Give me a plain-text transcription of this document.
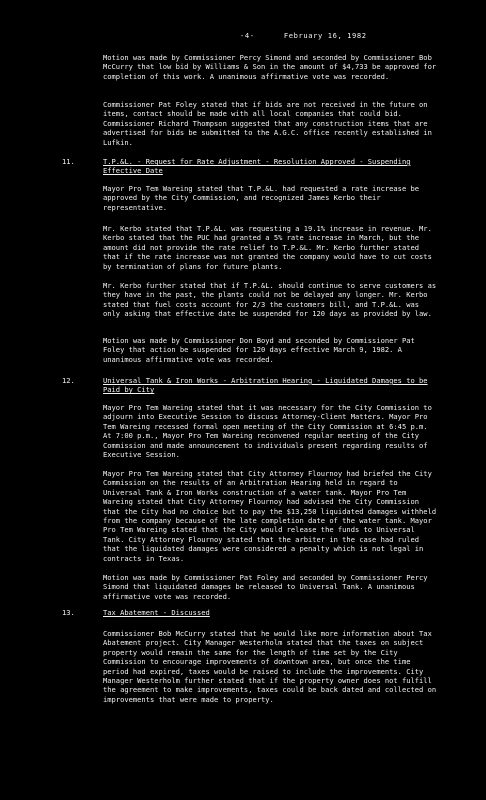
-4-	February 16, 1982

Motion was made by Commissioner Percy Simond and seconded by Commissioner Bob McCurry that low bid by Williams & Son in the amount of $4,733 be approved for completion of this work. A unanimous affirmative vote was recorded.

Commissioner Pat Foley stated that if bids are not received in the future on items, contact should be made with all local companies that could bid. Commissioner Richard Thompson suggested that any construction items that are advertised for bids be submitted to the A.G.C. office recently established in Lufkin.

11.	T.P.&L. - Request for Rate Adjustment - Resolution Approved - Suspending Effective Date

Mayor Pro Tem Wareing stated that T.P.&L. had requested a rate increase be approved by the City Commission, and recognized James Kerbo their representative.

Mr. Kerbo stated that T.P.&L. was requesting a 19.1% increase in revenue. Mr. Kerbo stated that the PUC had granted a 5% rate increase in March, but the amount did not provide the rate relief to T.P.&L. Mr. Kerbo further stated that if the rate increase was not granted the company would have to cut costs by termination of plans for future plants.

Mr. Kerbo further stated that if T.P.&L. should continue to serve customers as they have in the past, the plants could not be delayed any longer. Mr. Kerbo stated that fuel costs account for 2/3 the customers bill, and T.P.&L. was only asking that effective date be suspended for 120 days as provided by law.

Motion was made by Commissioner Don Boyd and seconded by Commissioner Pat Foley that action be suspended for 120 days effective March 9, 1982. A unanimous affirmative vote was recorded.

12.	Universal Tank & Iron Works - Arbitration Hearing - Liquidated Damages to be Paid by City

Mayor Pro Tem Wareing stated that it was necessary for the City Commission to adjourn into Executive Session to discuss Attorney-Client Matters. Mayor Pro Tem Wareing recessed formal open meeting of the City Commission at 6:45 p.m. At 7:00 p.m., Mayor Pro Tem Wareing reconvened regular meeting of the City Commission and made announcement to individuals present regarding results of Executive Session.

Mayor Pro Tem Wareing stated that City Attorney Flournoy had briefed the City Commission on the results of an Arbitration Hearing held in regard to Universal Tank & Iron Works construction of a water tank. Mayor Pro Tem Wareing stated that City Attorney Flournoy had advised the City Commission that the City had no choice but to pay the $13,250 liquidated damages withheld from the company because of the late completion date of the water tank. Mayor Pro Tem Wareing stated that the City would release the funds to Universal Tank. City Attorney Flournoy stated that the arbiter in the case had ruled that the liquidated damages were considered a penalty which is not legal in contracts in Texas.

Motion was made by Commissioner Pat Foley and seconded by Commissioner Percy Simond that liquidated damages be released to Universal Tank. A unanimous affirmative vote was recorded.

13.	Tax Abatement - Discussed

Commissioner Bob McCurry stated that he would like more information about Tax Abatement project. City Manager Westerholm stated that the taxes on subject property would remain the same for the length of time set by the City Commission to encourage improvements of downtown area, but once the time period had expired, taxes would be raised to include the improvements. City Manager Westerholm further stated that if the property owner does not fulfill the agreement to make improvements, taxes could be back dated and collected on improvements that were made to property.
